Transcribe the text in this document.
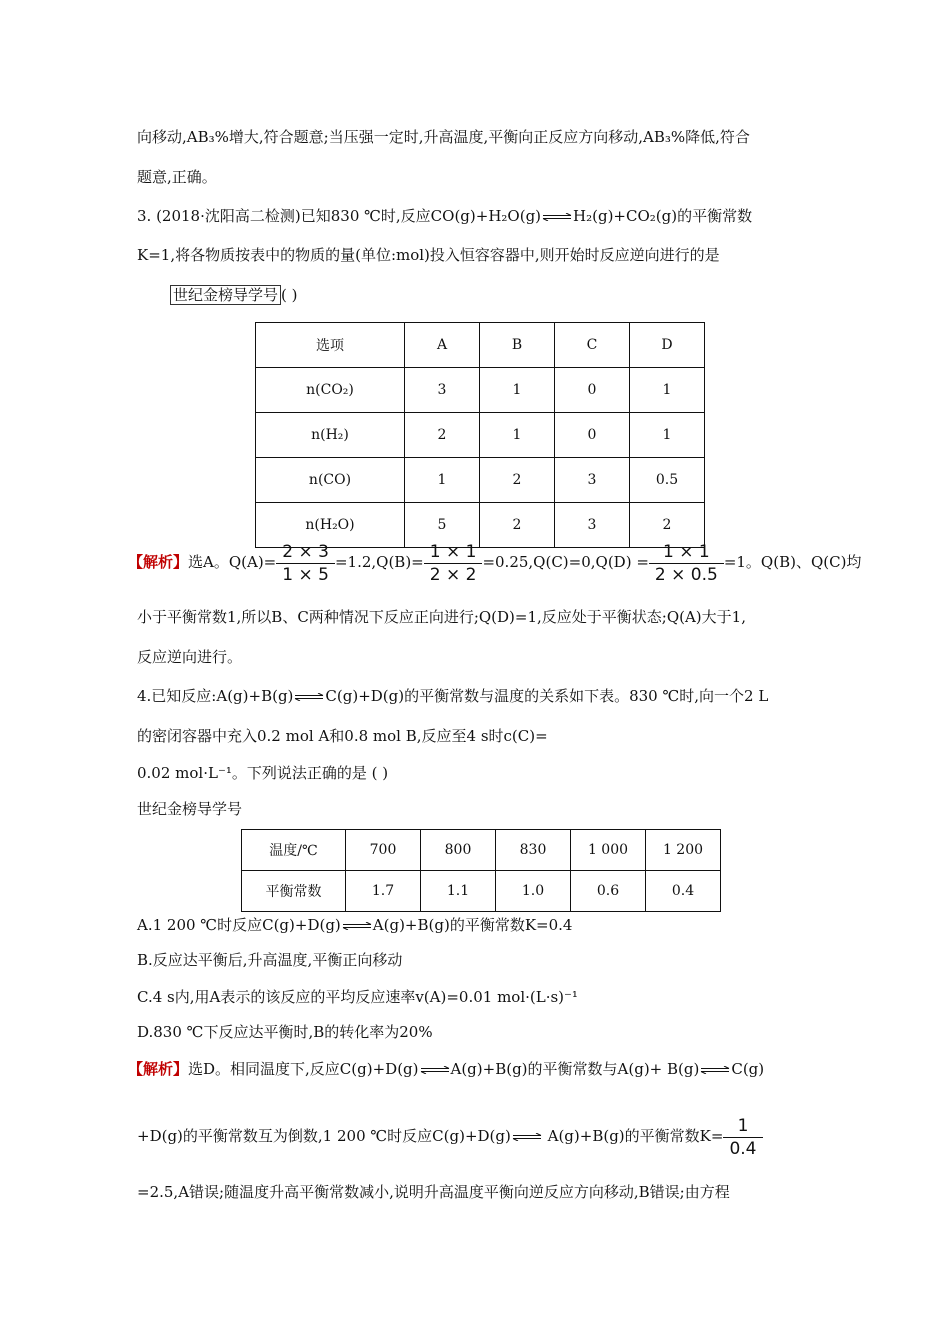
向移动,AB₃%增大,符合题意;当压强一定时,升高温度,平衡向正反应方向移动,AB₃%降低,符合
题意,正确。
3. (2018·沈阳高二检测)已知830 ℃时,反应CO(g)+H₂O(g)⇌H₂(g)+CO₂(g)的平衡常数
K=1,将各物质按表中的物质的量(单位:mol)投入恒容容器中,则开始时反应逆向进行的是
世纪金榜导学号 ( )
选项	A	B	C	D
n(CO₂)	3	1	0	1
n(H₂)	2	1	0	1
n(CO)	1	2	3	0.5
n(H₂O)	5	2	3	2
【解析】选A。$Q(A)= \frac{2 \times 3}{1 \times 5} =1.2,Q(B)= \frac{1 \times 1}{2 \times 2} =0.25,Q(C)=0,Q(D) = \frac{1 \times 1}{2 \times 0.5} =1$。Q(B)、Q(C)均
小于平衡常数1,所以B、C两种情况下反应正向进行;Q(D)=1,反应处于平衡状态;Q(A)大于1,
反应逆向进行。
4.已知反应:A(g)+B(g)⇌C(g)+D(g)的平衡常数与温度的关系如下表。830 ℃时,向一个2 L
的密闭容器中充入0.2 mol A和0.8 mol B,反应至4 s时c(C)=
0.02 mol·L⁻¹。下列说法正确的是 ( )
世纪金榜导学号
温度/℃	700	800	830	1 000	1 200
平衡常数	1.7	1.1	1.0	0.6	0.4
A.1 200 ℃时反应C(g)+D(g)⇌A(g)+B(g)的平衡常数K=0.4
B.反应达平衡后,升高温度,平衡正向移动
C.4 s内,用A表示的该反应的平均反应速率v(A)=0.01 mol·(L·s)⁻¹
D.830 ℃下反应达平衡时,B的转化率为20%
【解析】选D。相同温度下,反应C(g)+D(g)⇌A(g)+B(g)的平衡常数与A(g)+ B(g)⇌C(g)
+D(g)的平衡常数互为倒数,1 200 ℃时反应C(g)+D(g)⇌ A(g)+B(g)的平衡常数$K= \frac{1}{0.4}$
=2.5,A错误;随温度升高平衡常数减小,说明升高温度平衡向逆反应方向移动,B错误;由方程
